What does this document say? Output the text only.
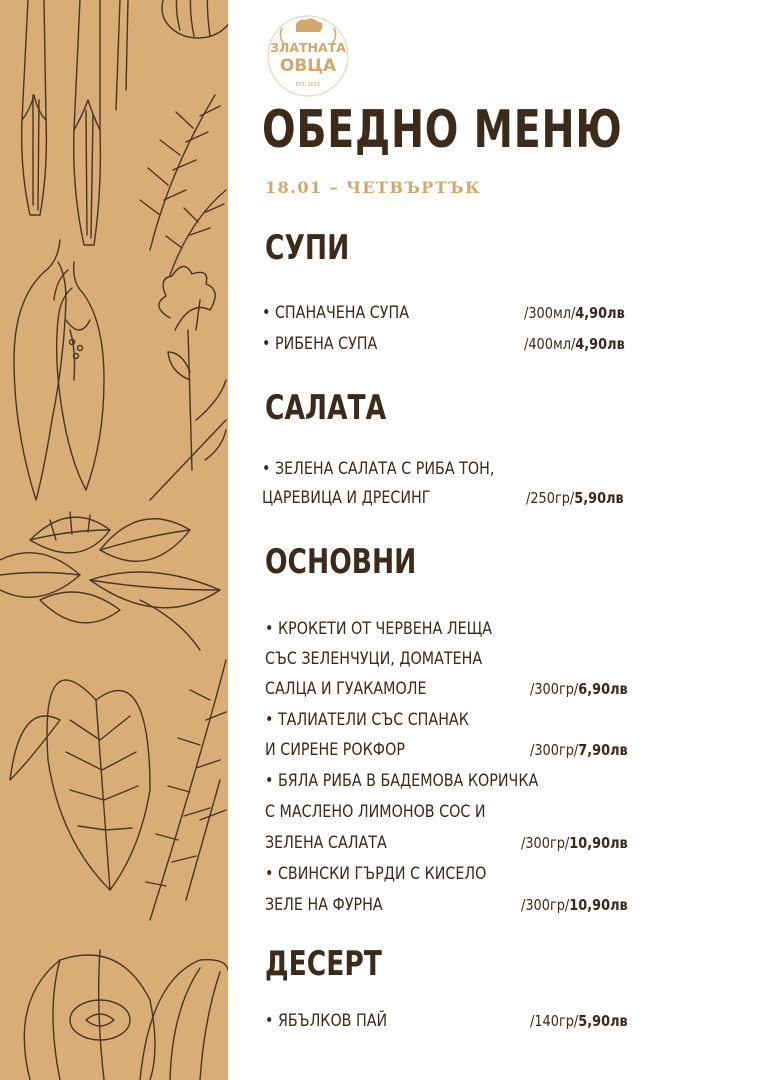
ЗЛАТНАТА
ОВЦА
EST. 2016
ОБЕДНО МЕНЮ
18.01 – ЧЕТВЪРТЪК
СУПИ
• СПАНАЧЕНА СУПА	/300мл/4,90лв
• РИБЕНА СУПА	/400мл/4,90лв
САЛАТА
• ЗЕЛЕНА САЛАТА С РИБА ТОН,
ЦАРЕВИЦА И ДРЕСИНГ	/250гр/5,90лв
ОСНОВНИ
• КРОКЕТИ ОТ ЧЕРВЕНА ЛЕЩА
СЪС ЗЕЛЕНЧУЦИ, ДОМАТЕНА
САЛЦА И ГУАКАМОЛЕ	/300гр/6,90лв
• ТАЛИАТЕЛИ СЪС СПАНАК
И СИРЕНЕ РОКФОР	/300гр/7,90лв
• БЯЛА РИБА В БАДЕМОВА КОРИЧКА
С МАСЛЕНО ЛИМОНОВ СОС И
ЗЕЛЕНА САЛАТА	/300гр/10,90лв
• СВИНСКИ ГЪРДИ С КИСЕЛО
ЗЕЛЕ НА ФУРНА	/300гр/10,90лв
ДЕСЕРТ
• ЯБЪЛКОВ ПАЙ	/140гр/5,90лв
